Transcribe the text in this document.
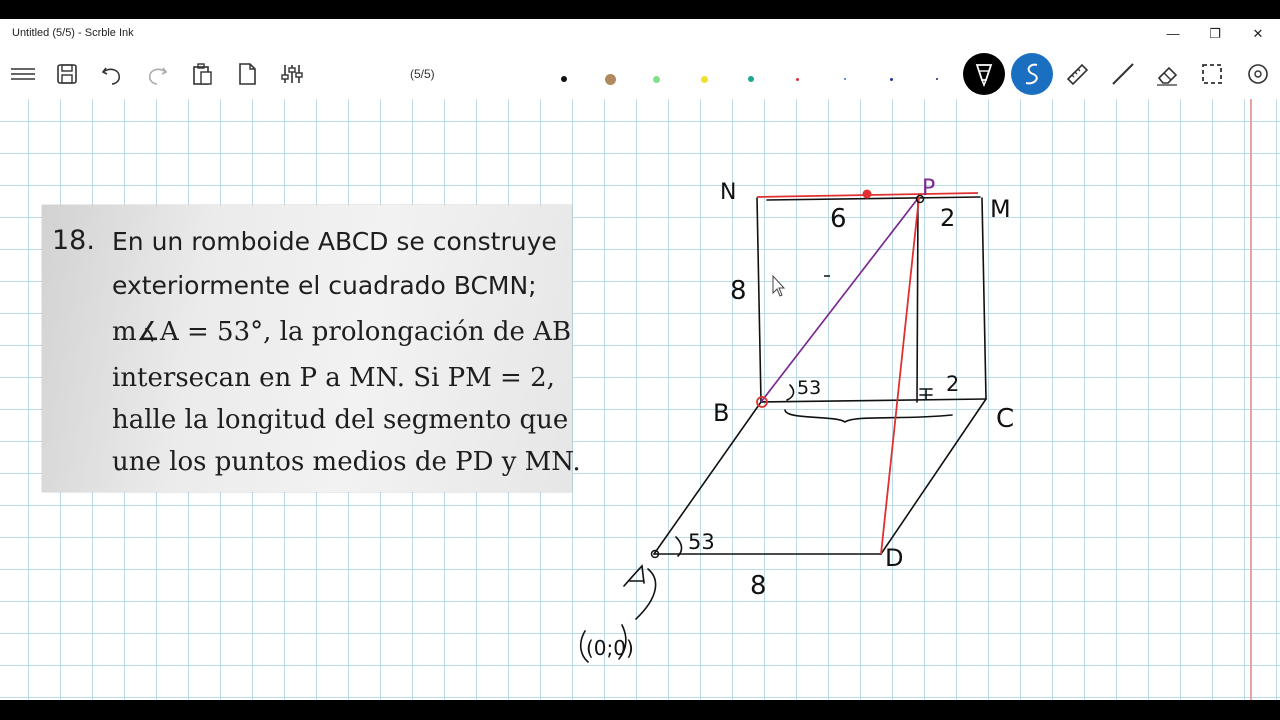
Untitled (5/5) - Scrble Ink	—	❐	✕
(5/5)
18. En un romboide ABCD se construye
exteriormente el cuadrado BCMN;
m∡A = 53°, la prolongación de AB
intersecan en P a MN. Si PM = 2,
halle la longitud del segmento que
une los puntos medios de PD y MN.
N	P
M
6	2
8
53	2
B	C
53
D
8
(0;0)
A
